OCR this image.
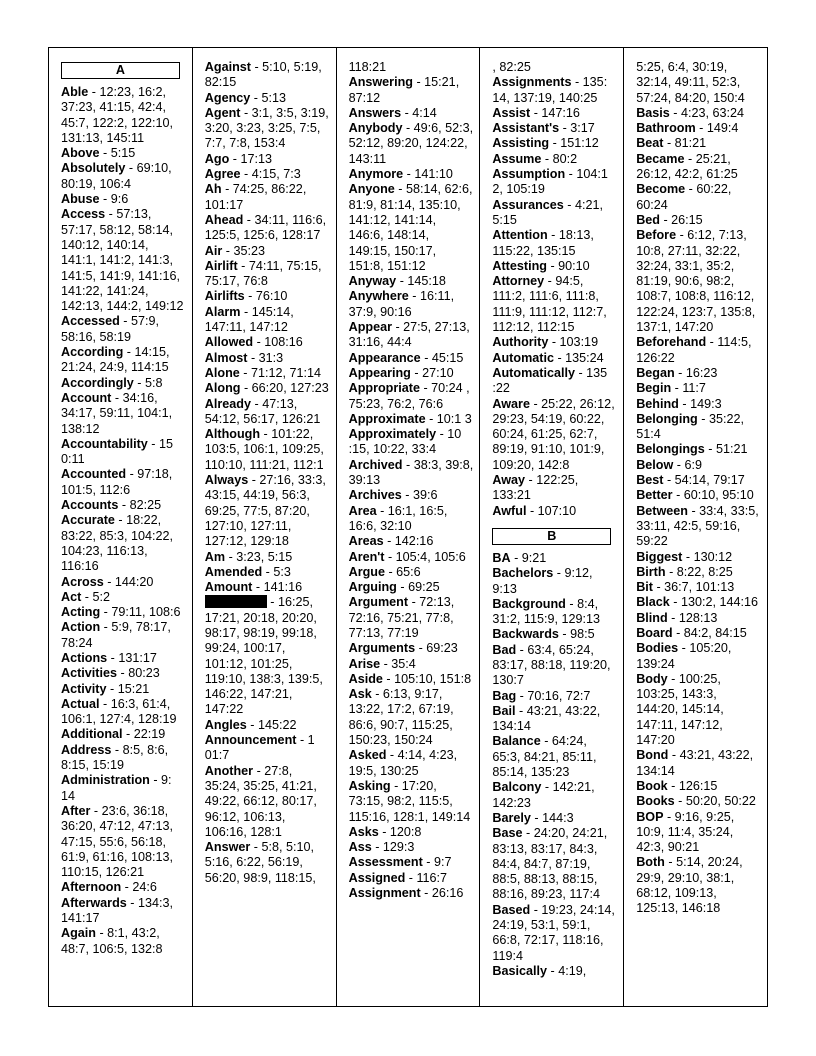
A

Able - 12:23, 16:2, 37:23, 41:15, 42:4, 45:7, 122:2, 122:10, 131:13, 145:11

Above - 5:15

Absolutely - 69:10, 80:19, 106:4

Abuse - 9:6

Access - 57:13, 57:17, 58:12, 58:14, 140:12, 140:14, 141:1, 141:2, 141:3, 141:5, 141:9, 141:16, 141:22, 141:24, 142:13, 144:2, 149:12

Accessed - 57:9, 58:16, 58:19

According - 14:15, 21:24, 24:9, 114:15

Accordingly - 5:8

Account - 34:16, 34:17, 59:11, 104:1, 138:12

Accountability - 15 0:11

Accounted - 97:18, 101:5, 112:6

Accounts - 82:25

Accurate - 18:22, 83:22, 85:3, 104:22, 104:23, 116:13, 116:16

Across - 144:20

Act - 5:2

Acting - 79:11, 108:6

Action - 5:9, 78:17, 78:24

Actions - 131:17

Activities - 80:23

Activity - 15:21

Actual - 16:3, 61:4, 106:1, 127:4, 128:19

Additional - 22:19

Address - 8:5, 8:6, 8:15, 15:19

Administration - 9: 14

After - 23:6, 36:18, 36:20, 47:12, 47:13, 47:15, 55:6, 56:18, 61:9, 61:16, 108:13, 110:15, 126:21

Afternoon - 24:6

Afterwards - 134:3, 141:17

Again - 8:1, 43:2, 48:7, 106:5, 132:8

Against - 5:10, 5:19, 82:15

Agency - 5:13

Agent - 3:1, 3:5, 3:19, 3:20, 3:23, 3:25, 7:5, 7:7, 7:8, 153:4

Ago - 17:13

Agree - 4:15, 7:3

Ah - 74:25, 86:22, 101:17

Ahead - 34:11, 116:6, 125:5, 125:6, 128:17

Air - 35:23

Airlift - 74:11, 75:15, 75:17, 76:8

Airlifts - 76:10

Alarm - 145:14, 147:11, 147:12

Allowed - 108:16

Almost - 31:3

Alone - 71:12, 71:14

Along - 66:20, 127:23

Already - 47:13, 54:12, 56:17, 126:21

Although - 101:22, 103:5, 106:1, 109:25, 110:10, 111:21, 112:1

Always - 27:16, 33:3, 43:15, 44:19, 56:3, 69:25, 77:5, 87:20, 127:10, 127:11, 127:12, 129:18

Am - 3:23, 5:15

Amended - 5:3

Amount - 141:16

- 16:25, 17:21, 20:18, 20:20, 98:17, 98:19, 99:18, 99:24, 100:17, 101:12, 101:25, 119:10, 138:3, 139:5, 146:22, 147:21, 147:22

Angles - 145:22

Announcement - 1 01:7

Another - 27:8, 35:24, 35:25, 41:21, 49:22, 66:12, 80:17, 96:12, 106:13, 106:16, 128:1

Answer - 5:8, 5:10, 5:16, 6:22, 56:19, 56:20, 98:9, 118:15,

118:21

Answering - 15:21, 87:12

Answers - 4:14

Anybody - 49:6, 52:3, 52:12, 89:20, 124:22, 143:11

Anymore - 141:10

Anyone - 58:14, 62:6, 81:9, 81:14, 135:10, 141:12, 141:14, 146:6, 148:14, 149:15, 150:17, 151:8, 151:12

Anyway - 145:18

Anywhere - 16:11, 37:9, 90:16

Appear - 27:5, 27:13, 31:16, 44:4

Appearance - 45:15

Appearing - 27:10

Appropriate - 70:24 , 75:23, 76:2, 76:6

Approximate - 10:1 3

Approximately - 10 :15, 10:22, 33:4

Archived - 38:3, 39:8, 39:13

Archives - 39:6

Area - 16:1, 16:5, 16:6, 32:10

Areas - 142:16

Aren't - 105:4, 105:6

Argue - 65:6

Arguing - 69:25

Argument - 72:13, 72:16, 75:21, 77:8, 77:13, 77:19

Arguments - 69:23

Arise - 35:4

Aside - 105:10, 151:8

Ask - 6:13, 9:17, 13:22, 17:2, 67:19, 86:6, 90:7, 115:25, 150:23, 150:24

Asked - 4:14, 4:23, 19:5, 130:25

Asking - 17:20, 73:15, 98:2, 115:5, 115:16, 128:1, 149:14

Asks - 120:8

Ass - 129:3

Assessment - 9:7

Assigned - 116:7

Assignment - 26:16

, 82:25

Assignments - 135: 14, 137:19, 140:25

Assist - 147:16

Assistant's - 3:17

Assisting - 151:12

Assume - 80:2

Assumption - 104:1 2, 105:19

Assurances - 4:21, 5:15

Attention - 18:13, 115:22, 135:15

Attesting - 90:10

Attorney - 94:5, 111:2, 111:6, 111:8, 111:9, 111:12, 112:7, 112:12, 112:15

Authority - 103:19

Automatic - 135:24

Automatically - 135 :22

Aware - 25:22, 26:12, 29:23, 54:19, 60:22, 60:24, 61:25, 62:7, 89:19, 91:10, 101:9, 109:20, 142:8

Away - 122:25, 133:21

Awful - 107:10

B

BA - 9:21

Bachelors - 9:12, 9:13

Background - 8:4, 31:2, 115:9, 129:13

Backwards - 98:5

Bad - 63:4, 65:24, 83:17, 88:18, 119:20, 130:7

Bag - 70:16, 72:7

Bail - 43:21, 43:22, 134:14

Balance - 64:24, 65:3, 84:21, 85:11, 85:14, 135:23

Balcony - 142:21, 142:23

Barely - 144:3

Base - 24:20, 24:21, 83:13, 83:17, 84:3, 84:4, 84:7, 87:19, 88:5, 88:13, 88:15, 88:16, 89:23, 117:4

Based - 19:23, 24:14, 24:19, 53:1, 59:1, 66:8, 72:17, 118:16, 119:4

Basically - 4:19,

5:25, 6:4, 30:19, 32:14, 49:11, 52:3, 57:24, 84:20, 150:4

Basis - 4:23, 63:24

Bathroom - 149:4

Beat - 81:21

Became - 25:21, 26:12, 42:2, 61:25

Become - 60:22, 60:24

Bed - 26:15

Before - 6:12, 7:13, 10:8, 27:11, 32:22, 32:24, 33:1, 35:2, 81:19, 90:6, 98:2, 108:7, 108:8, 116:12, 122:24, 123:7, 135:8, 137:1, 147:20

Beforehand - 114:5, 126:22

Began - 16:23

Begin - 11:7

Behind - 149:3

Belonging - 35:22, 51:4

Belongings - 51:21

Below - 6:9

Best - 54:14, 79:17

Better - 60:10, 95:10

Between - 33:4, 33:5, 33:11, 42:5, 59:16, 59:22

Biggest - 130:12

Birth - 8:22, 8:25

Bit - 36:7, 101:13

Black - 130:2, 144:16

Blind - 128:13

Board - 84:2, 84:15

Bodies - 105:20, 139:24

Body - 100:25, 103:25, 143:3, 144:20, 145:14, 147:11, 147:12, 147:20

Bond - 43:21, 43:22, 134:14

Book - 126:15

Books - 50:20, 50:22

BOP - 9:16, 9:25, 10:9, 11:4, 35:24, 42:3, 90:21

Both - 5:14, 20:24, 29:9, 29:10, 38:1, 68:12, 109:13, 125:13, 146:18
